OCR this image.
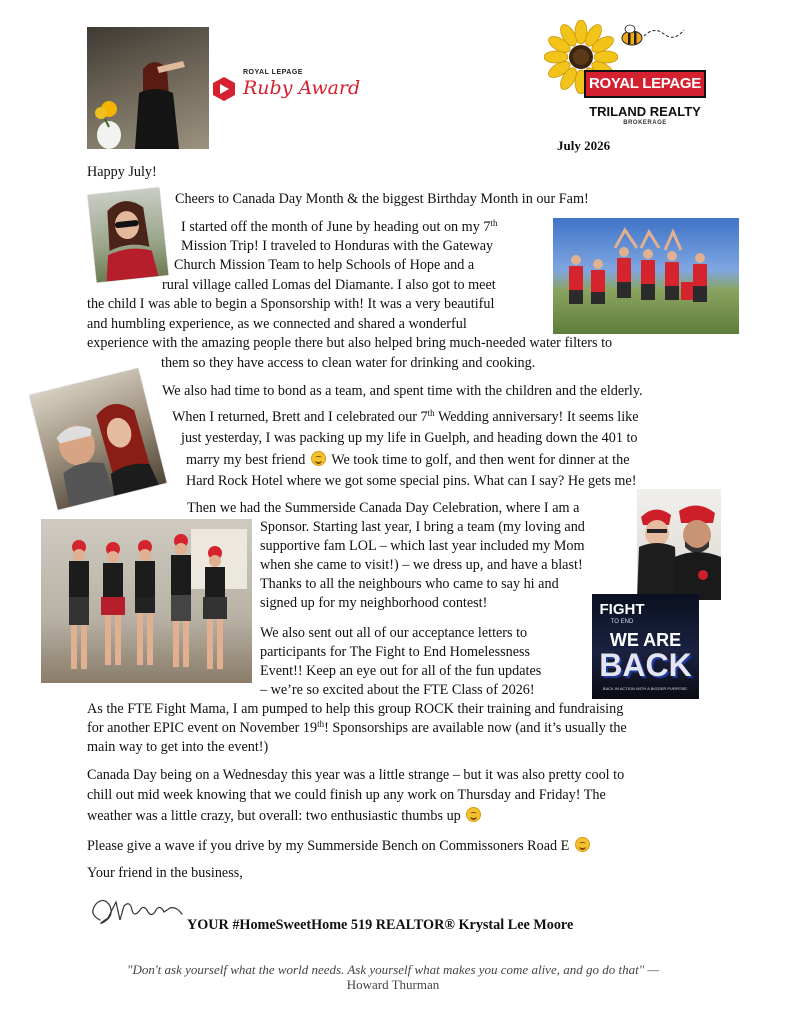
ROYAL LEPAGE
Ruby Award	ROYAL LEPAGE
TRILAND REALTY
BROKERAGE
July 2026
Happy July!
Cheers to Canada Day Month & the biggest Birthday Month in our Fam!
I started off the month of June by heading out on my 7th
Mission Trip! I traveled to Honduras with the Gateway
Church Mission Team to help Schools of Hope and a
rural village called Lomas del Diamante. I also got to meet
the child I was able to begin a Sponsorship with! It was a very beautiful
and humbling experience, as we connected and shared a wonderful
experience with the amazing people there but also helped bring much-needed water filters to
them so they have access to clean water for drinking and cooking.
We also had time to bond as a team, and spent time with the children and the elderly.
When I returned, Brett and I celebrated our 7th Wedding anniversary! It seems like
just yesterday, I was packing up my life in Guelph, and heading down the 401 to
marry my best friend  We took time to golf, and then went for dinner at the
Hard Rock Hotel where we got some special pins. What can I say? He gets me!
Then we had the Summerside Canada Day Celebration, where I am a
Sponsor. Starting last year, I bring a team (my loving and
supportive fam LOL – which last year included my Mom
when she came to visit!) – we dress up, and have a blast!
Thanks to all the neighbours who came to say hi and
signed up for my neighborhood contest!
We also sent out all of our acceptance letters to
participants for The Fight to End Homelessness
Event!! Keep an eye out for all of the fun updates
– we’re so excited about the FTE Class of 2026!
FIGHT
TO END
WE ARE
BACK
BACK IN ACTION WITH A BIGGER PURPOSE.
As the FTE Fight Mama, I am pumped to help this group ROCK their training and fundraising
for another EPIC event on November 19th! Sponsorships are available now (and it’s usually the
main way to get into the event!)
Canada Day being on a Wednesday this year was a little strange – but it was also pretty cool to
chill out mid week knowing that we could finish up any work on Thursday and Friday! The
weather was a little crazy, but overall: two enthusiastic thumbs up
Please give a wave if you drive by my Summerside Bench on Commissoners Road E
Your friend in the business,
YOUR #HomeSweetHome 519 REALTOR® Krystal Lee Moore
"Don't ask yourself what the world needs. Ask yourself what makes you come alive, and go do that" —
Howard Thurman
